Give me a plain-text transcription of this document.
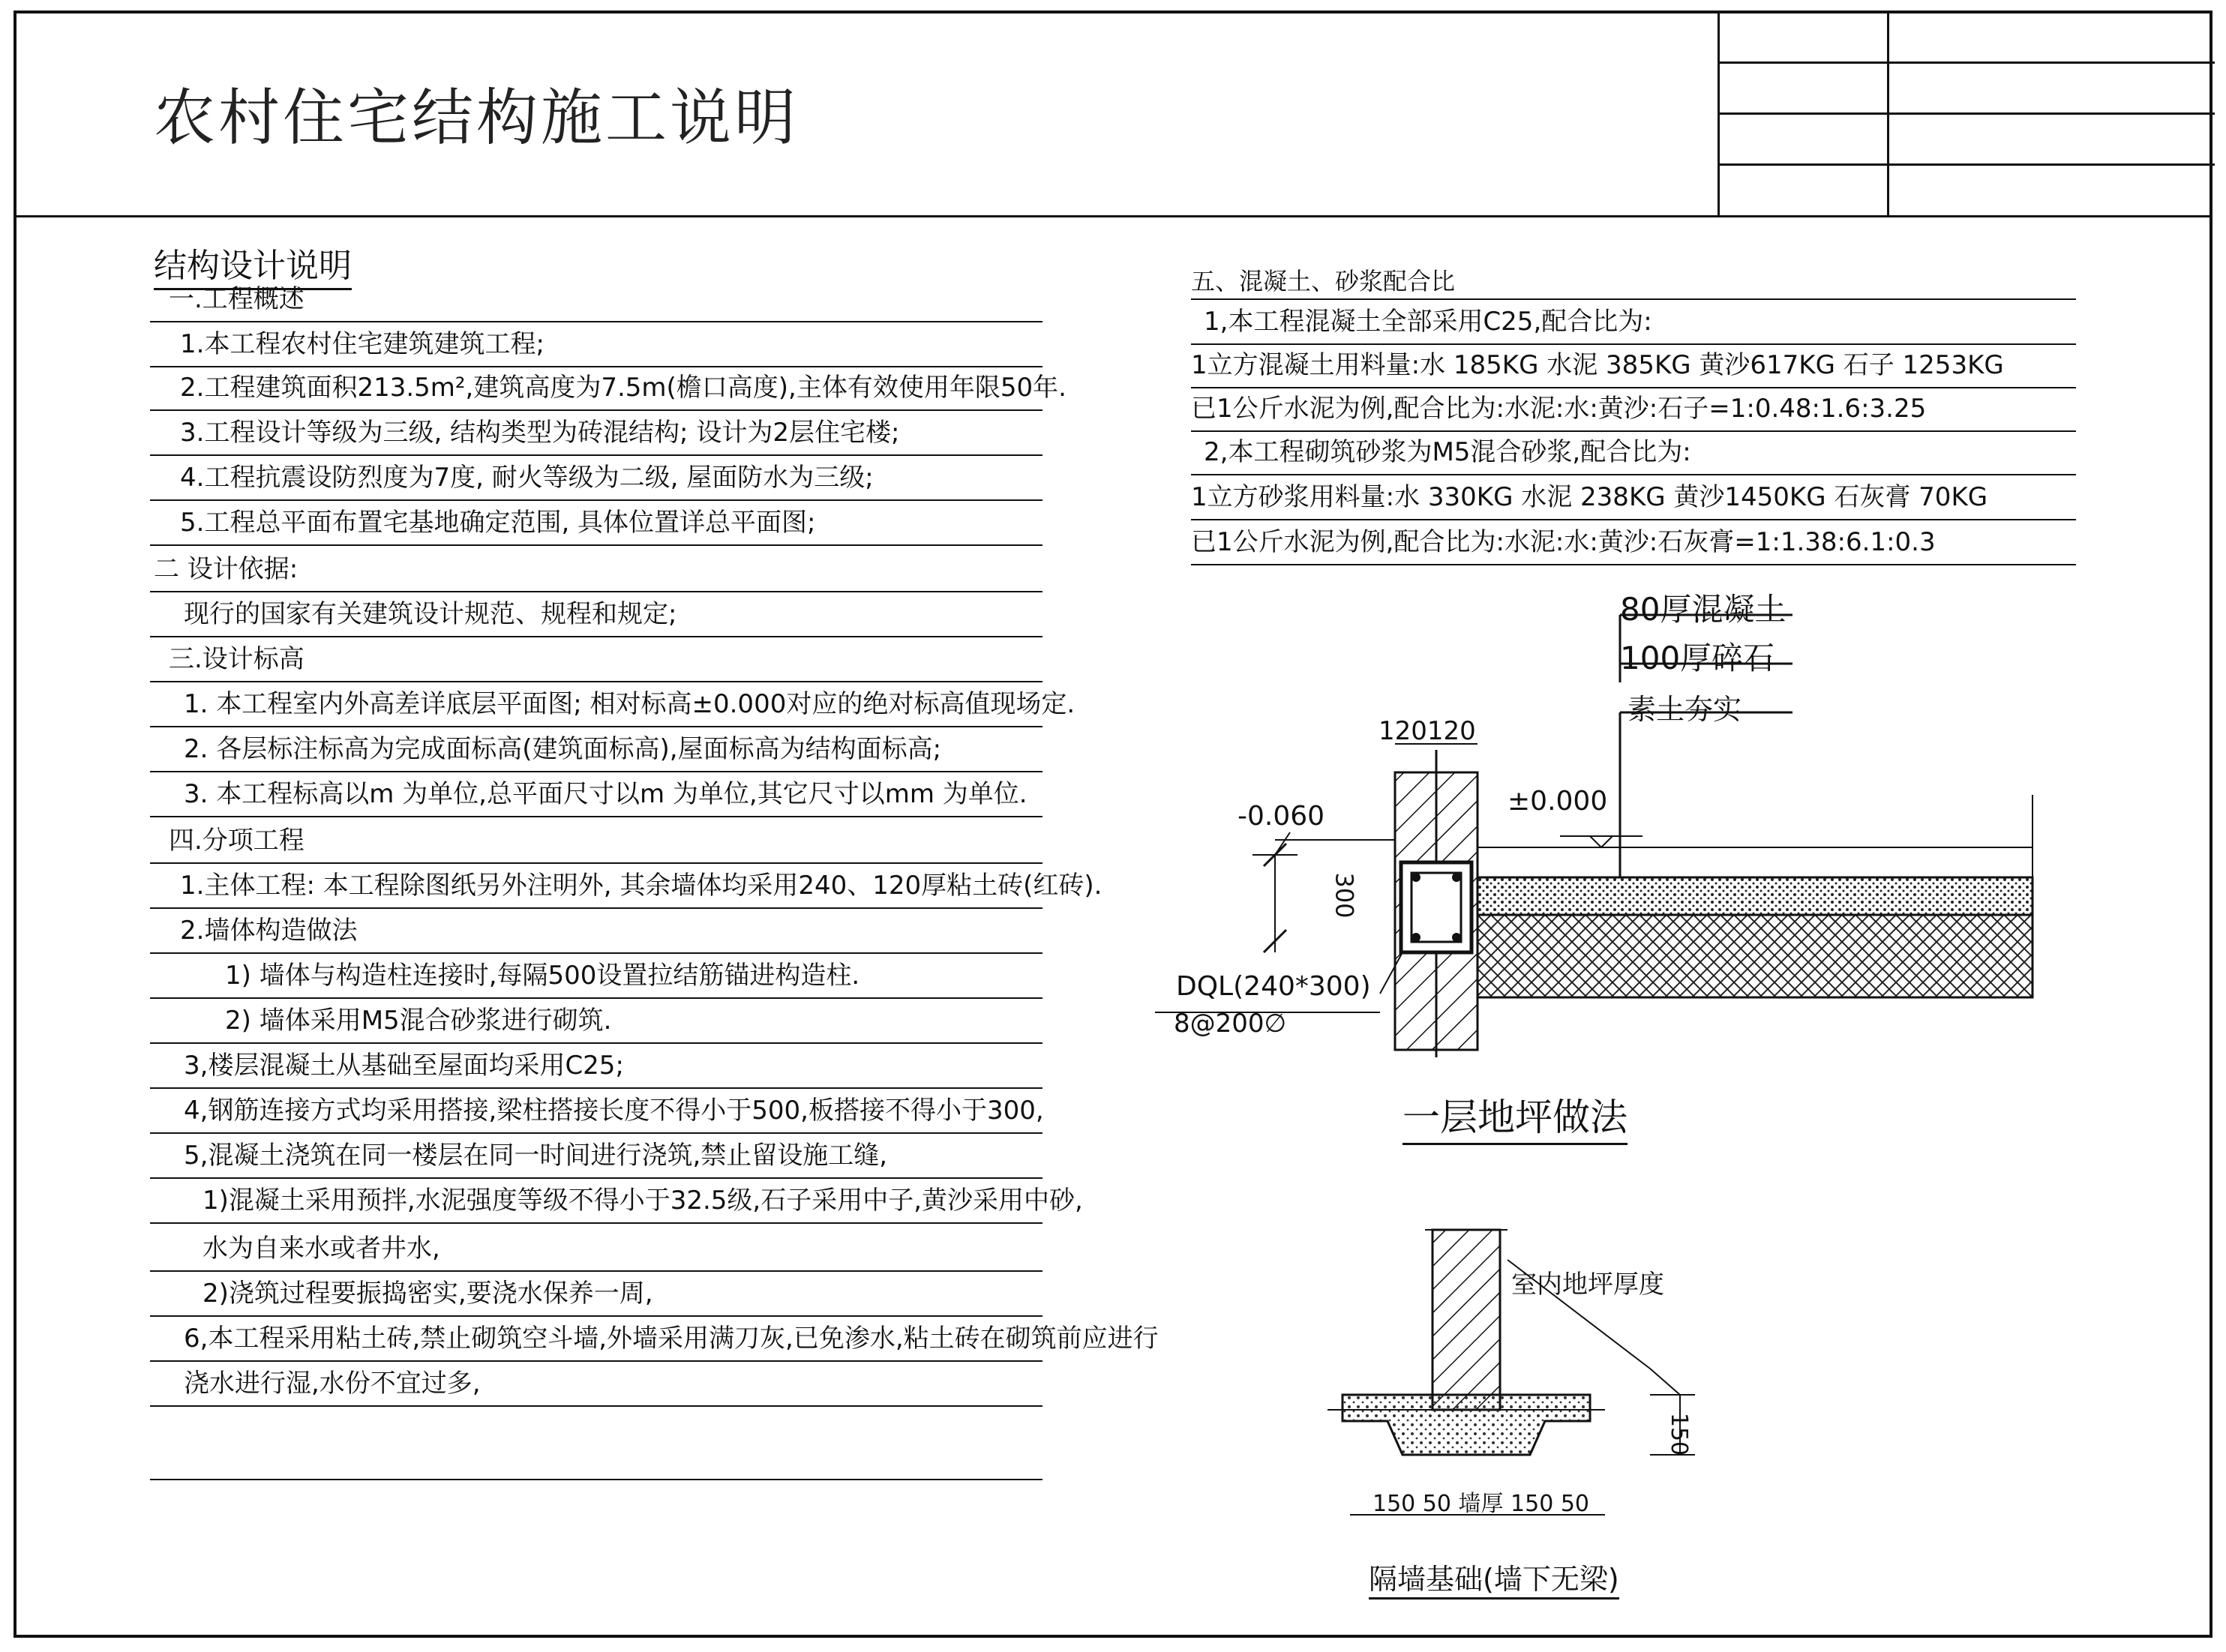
农村住宅结构施工说明
结构设计说明
一.工程概述
1.本工程农村住宅建筑建筑工程;
2.工程建筑面积213.5m²,建筑高度为7.5m(檐口高度),主体有效使用年限50年.
3.工程设计等级为三级, 结构类型为砖混结构; 设计为2层住宅楼;
4.工程抗震设防烈度为7度, 耐火等级为二级, 屋面防水为三级;
5.工程总平面布置宅基地确定范围, 具体位置详总平面图;
二 设计依据:
现行的国家有关建筑设计规范、规程和规定;
三.设计标高
1. 本工程室内外高差详底层平面图; 相对标高±0.000对应的绝对标高值现场定.
2. 各层标注标高为完成面标高(建筑面标高),屋面标高为结构面标高;
3. 本工程标高以m 为单位,总平面尺寸以m 为单位,其它尺寸以mm 为单位.
四.分项工程
1.主体工程: 本工程除图纸另外注明外, 其余墙体均采用240、120厚粘土砖(红砖).
2.墙体构造做法
1) 墙体与构造柱连接时,每隔500设置拉结筋锚进构造柱.
2) 墙体采用M5混合砂浆进行砌筑.
3,楼层混凝土从基础至屋面均采用C25;
4,钢筋连接方式均采用搭接,梁柱搭接长度不得小于500,板搭接不得小于300,
5,混凝土浇筑在同一楼层在同一时间进行浇筑,禁止留设施工缝,
1)混凝土采用预拌,水泥强度等级不得小于32.5级,石子采用中子,黄沙采用中砂,
水为自来水或者井水,
2)浇筑过程要振捣密实,要浇水保养一周,
6,本工程采用粘土砖,禁止砌筑空斗墙,外墙采用满刀灰,已免渗水,粘土砖在砌筑前应进行
浇水进行湿,水份不宜过多,
五、混凝土、砂浆配合比
1,本工程混凝土全部采用C25,配合比为:
1立方混凝土用料量:水 185KG 水泥 385KG 黄沙617KG 石子 1253KG
已1公斤水泥为例,配合比为:水泥:水:黄沙:石子=1:0.48:1.6:3.25
2,本工程砌筑砂浆为M5混合砂浆,配合比为:
1立方砂浆用料量:水 330KG 水泥 238KG 黄沙1450KG 石灰膏 70KG
已1公斤水泥为例,配合比为:水泥:水:黄沙:石灰膏=1:1.38:6.1:0.3
80厚混凝土
100厚碎石
素土夯实
120120
-0.060	±0.000
300
DQL(240*300)
8@200∅
一层地坪做法
室内地坪厚度
150
150 50 墙厚 150 50
隔墙基础(墙下无梁)
